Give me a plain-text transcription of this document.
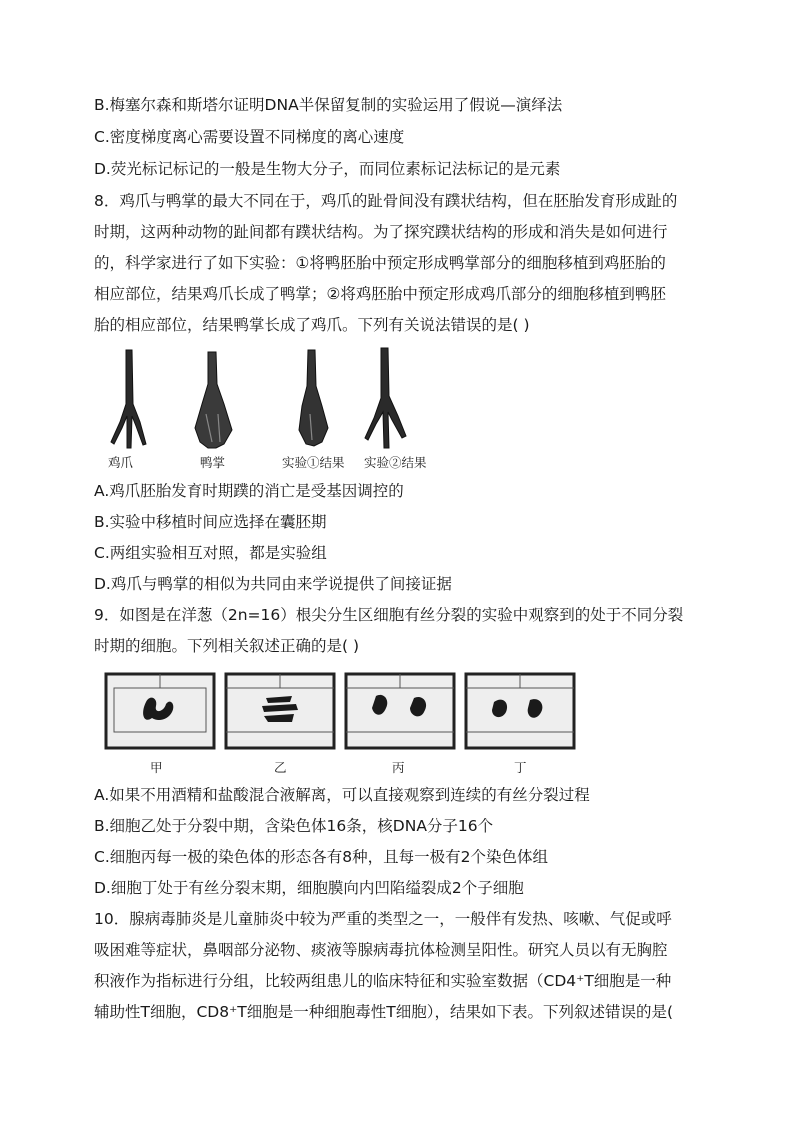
B.梅塞尔森和斯塔尔证明DNA半保留复制的实验运用了假说—演绎法
C.密度梯度离心需要设置不同梯度的离心速度
D.荧光标记标记的一般是生物大分子，而同位素标记法标记的是元素
8．鸡爪与鸭掌的最大不同在于，鸡爪的趾骨间没有蹼状结构，但在胚胎发育形成趾的
时期，这两种动物的趾间都有蹼状结构。为了探究蹼状结构的形成和消失是如何进行
的，科学家进行了如下实验：①将鸭胚胎中预定形成鸭掌部分的细胞移植到鸡胚胎的
相应部位，结果鸡爪长成了鸭掌；②将鸡胚胎中预定形成鸡爪部分的细胞移植到鸭胚
胎的相应部位，结果鸭掌长成了鸡爪。下列有关说法错误的是( )
鸡爪	鸭掌	实验①结果 实验②结果
A.鸡爪胚胎发育时期蹼的消亡是受基因调控的
B.实验中移植时间应选择在囊胚期
C.两组实验相互对照，都是实验组
D.鸡爪与鸭掌的相似为共同由来学说提供了间接证据
9．如图是在洋葱（2n=16）根尖分生区细胞有丝分裂的实验中观察到的处于不同分裂
时期的细胞。下列相关叙述正确的是( )
甲	乙	丙	丁
A.如果不用酒精和盐酸混合液解离，可以直接观察到连续的有丝分裂过程
B.细胞乙处于分裂中期，含染色体16条，核DNA分子16个
C.细胞丙每一极的染色体的形态各有8种，且每一极有2个染色体组
D.细胞丁处于有丝分裂末期，细胞膜向内凹陷缢裂成2个子细胞
10．腺病毒肺炎是儿童肺炎中较为严重的类型之一，一般伴有发热、咳嗽、气促或呼
吸困难等症状，鼻咽部分泌物、痰液等腺病毒抗体检测呈阳性。研究人员以有无胸腔
积液作为指标进行分组，比较两组患儿的临床特征和实验室数据（CD4⁺T细胞是一种
辅助性T细胞，CD8⁺T细胞是一种细胞毒性T细胞），结果如下表。下列叙述错误的是(
